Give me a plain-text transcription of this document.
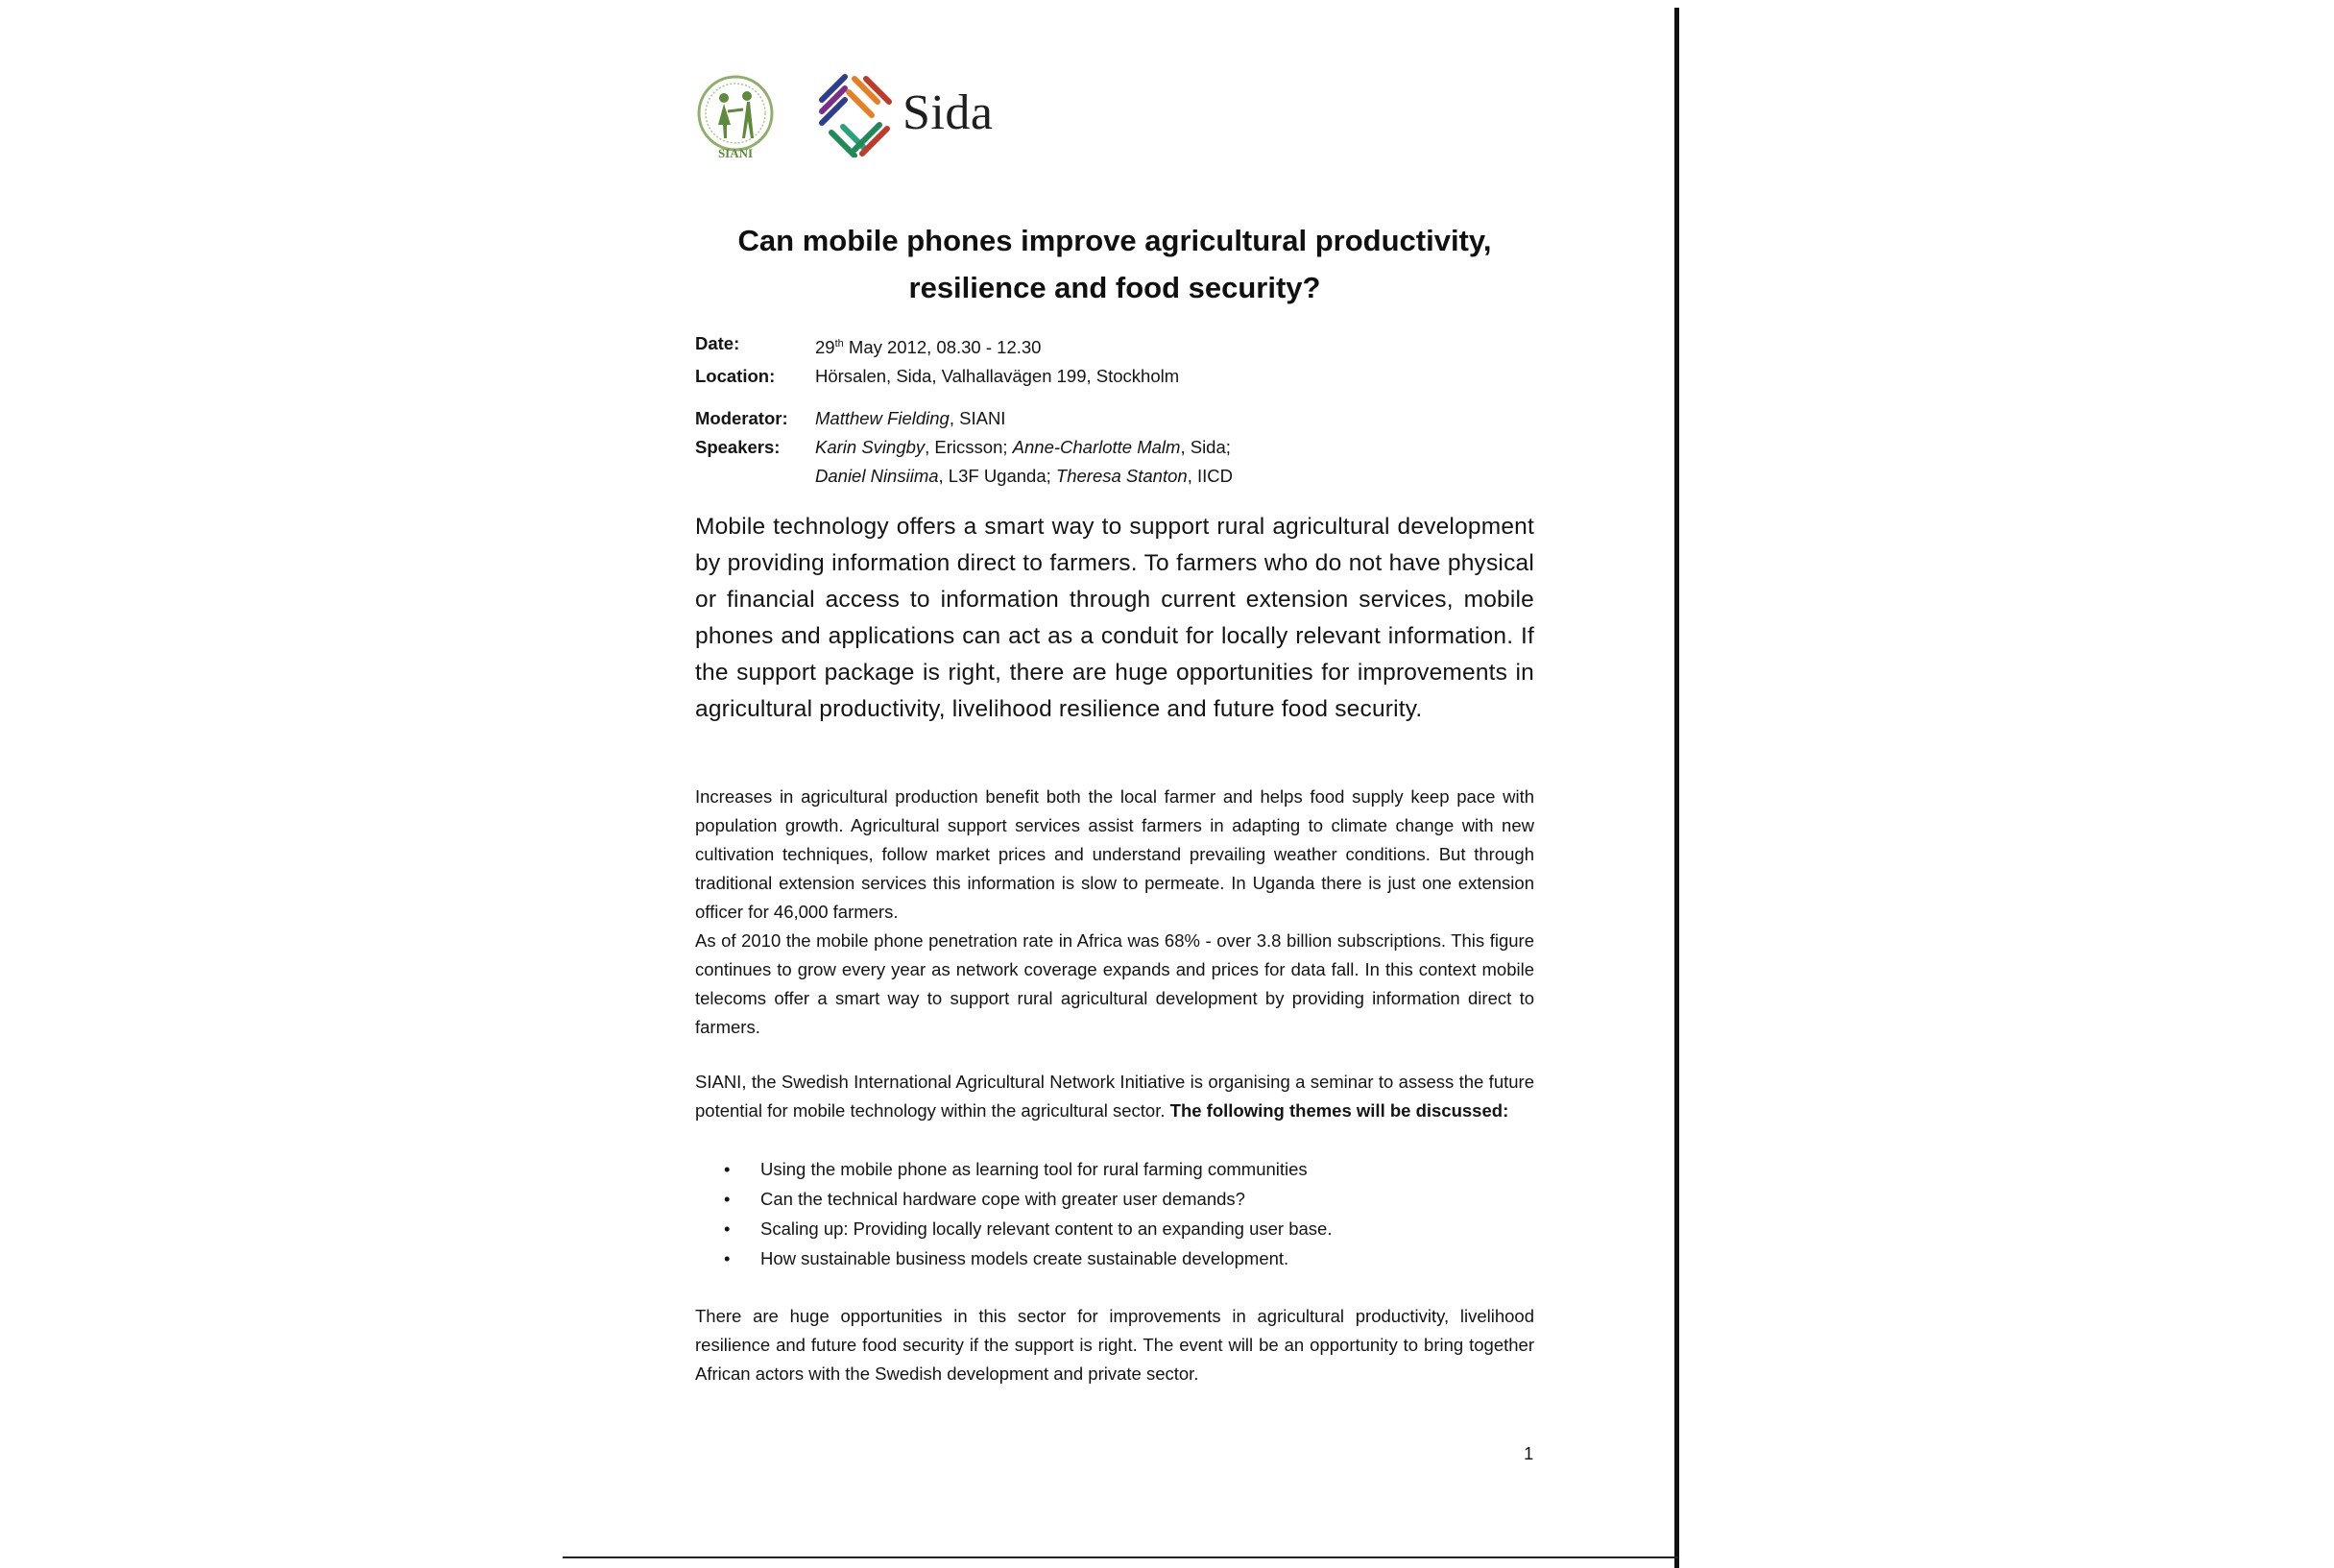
SIANI
Sida
Can mobile phones improve agricultural productivity,
resilience and food security?
Date:	29th May 2012, 08.30 - 12.30
Location:	Hörsalen, Sida, Valhallavägen 199, Stockholm
Moderator:	Matthew Fielding, SIANI
Speakers:	Karin Svingby, Ericsson; Anne-Charlotte Malm, Sida;
Daniel Ninsiima, L3F Uganda; Theresa Stanton, IICD

Mobile technology offers a smart way to support rural agricultural development by providing information direct to farmers. To farmers who do not have physical or financial access to information through current extension services, mobile phones and applications can act as a conduit for locally relevant information. If the support package is right, there are huge opportunities for improvements in agricultural productivity, livelihood resilience and future food security.

Increases in agricultural production benefit both the local farmer and helps food supply keep pace with population growth. Agricultural support services assist farmers in adapting to climate change with new cultivation techniques, follow market prices and understand prevailing weather conditions. But through traditional extension services this information is slow to permeate. In Uganda there is just one extension officer for 46,000 farmers.

As of 2010 the mobile phone penetration rate in Africa was 68% - over 3.8 billion subscriptions. This figure continues to grow every year as network coverage expands and prices for data fall. In this context mobile telecoms offer a smart way to support rural agricultural development by providing information direct to farmers.

SIANI, the Swedish International Agricultural Network Initiative is organising a seminar to assess the future potential for mobile technology within the agricultural sector. The following themes will be discussed:

• Using the mobile phone as learning tool for rural farming communities
• Can the technical hardware cope with greater user demands?
• Scaling up: Providing locally relevant content to an expanding user base.
• How sustainable business models create sustainable development.

There are huge opportunities in this sector for improvements in agricultural productivity, livelihood resilience and future food security if the support is right. The event will be an opportunity to bring together African actors with the Swedish development and private sector.

1
